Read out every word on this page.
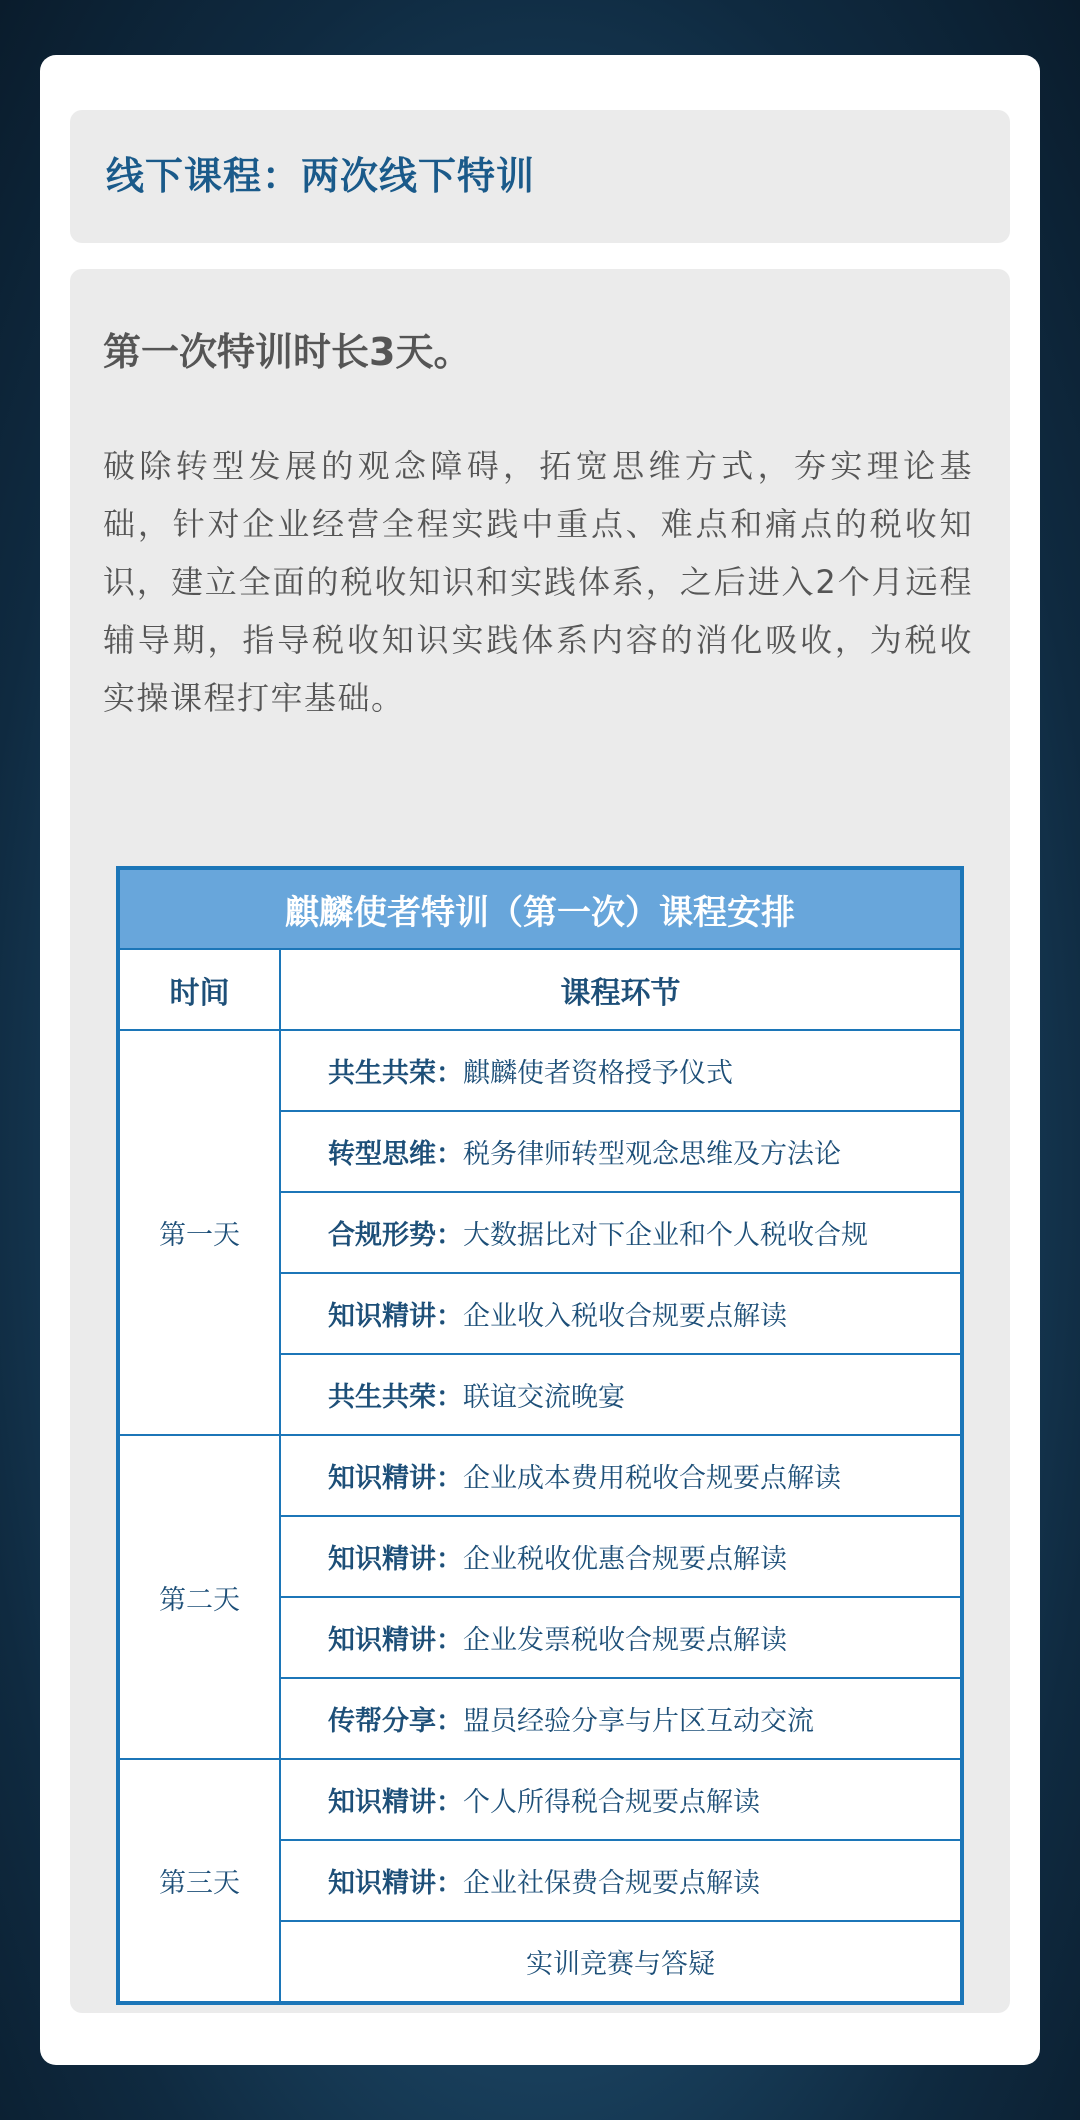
线下课程：两次线下特训
第一次特训时长3天。
破除转型发展的观念障碍，拓宽思维方式，夯实理论基础，针对企业经营全程实践中重点、难点和痛点的税收知识，建立全面的税收知识和实践体系，之后进入2个月远程辅导期，指导税收知识实践体系内容的消化吸收，为税收实操课程打牢基础。
麒麟使者特训（第一次）课程安排	
时间	课程环节
第一天	共生共荣：麒麟使者资格授予仪式
	转型思维：税务律师转型观念思维及方法论
	合规形势：大数据比对下企业和个人税收合规
	知识精讲：企业收入税收合规要点解读
	共生共荣：联谊交流晚宴
第二天	知识精讲：企业成本费用税收合规要点解读
	知识精讲：企业税收优惠合规要点解读
	知识精讲：企业发票税收合规要点解读
	传帮分享：盟员经验分享与片区互动交流
第三天	知识精讲：个人所得税合规要点解读
	知识精讲：企业社保费合规要点解读
	实训竞赛与答疑
